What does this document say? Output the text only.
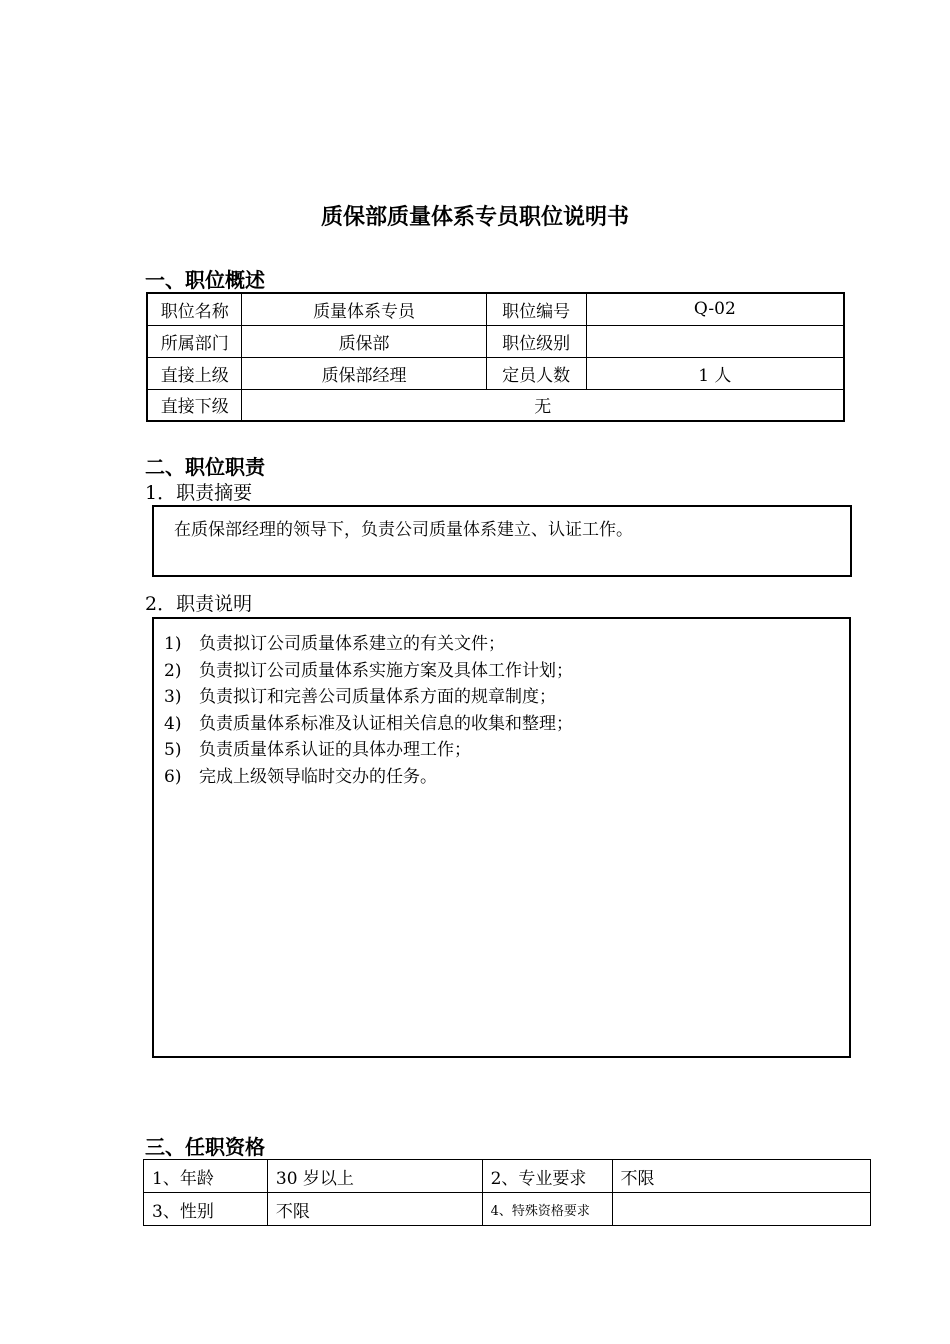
质保部质量体系专员职位说明书
一、职位概述
职位名称	质量体系专员	职位编号	Q-02
所属部门	质保部	职位级别	
直接上级	质保部经理	定员人数	1 人
直接下级	无		
二、职位职责
1．职责摘要
在质保部经理的领导下，负责公司质量体系建立、认证工作。
2．职责说明
1)	负责拟订公司质量体系建立的有关文件；
2)	负责拟订公司质量体系实施方案及具体工作计划；
3)	负责拟订和完善公司质量体系方面的规章制度；
4)	负责质量体系标准及认证相关信息的收集和整理；
5)	负责质量体系认证的具体办理工作；
6)	完成上级领导临时交办的任务。
三、任职资格
1、年龄	30 岁以上	2、专业要求	不限
3、性别	不限	4、特殊资格要求	
